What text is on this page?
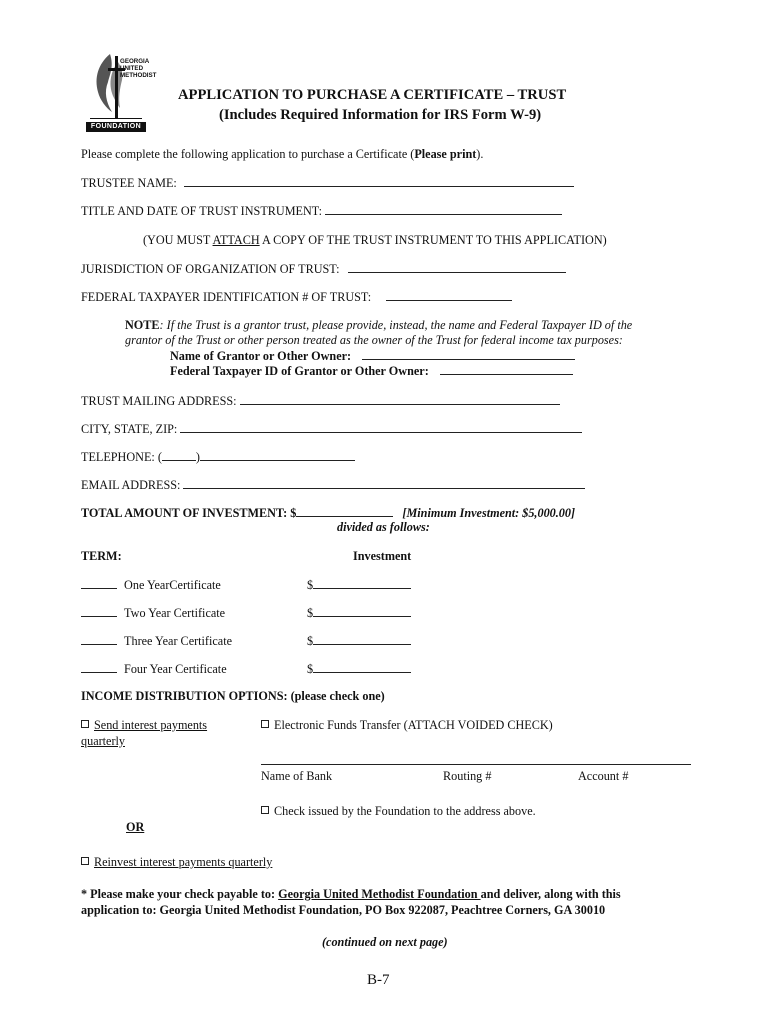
GEORGIA
UNITED
METHODIST
FOUNDATION
APPLICATION TO PURCHASE A CERTIFICATE – TRUST
(Includes Required Information for IRS Form W-9)
Please complete the following application to purchase a Certificate (Please print).
TRUSTEE NAME:
TITLE AND DATE OF TRUST INSTRUMENT:
(YOU MUST ATTACH A COPY OF THE TRUST INSTRUMENT TO THIS APPLICATION)
JURISDICTION OF ORGANIZATION OF TRUST:
FEDERAL TAXPAYER IDENTIFICATION # OF TRUST:
NOTE: If the Trust is a grantor trust, please provide, instead, the name and Federal Taxpayer ID of the
grantor of the Trust or other person treated as the owner of the Trust for federal income tax purposes:
Name of Grantor or Other Owner:
Federal Taxpayer ID of Grantor or Other Owner:
TRUST MAILING ADDRESS:
CITY, STATE, ZIP:
TELEPHONE: (	)
EMAIL ADDRESS:
TOTAL AMOUNT OF INVESTMENT: $	[Minimum Investment: $5,000.00]
divided as follows:
TERM:	Investment
One YearCertificate	$
Two Year Certificate	$
Three Year Certificate	$
Four Year Certificate	$
INCOME DISTRIBUTION OPTIONS: (please check one)
Send interest payments
quarterly
Electronic Funds Transfer (ATTACH VOIDED CHECK)
Name of Bank	Routing #	Account #
Check issued by the Foundation to the address above.
OR
Reinvest interest payments quarterly
* Please make your check payable to: Georgia United Methodist Foundation and deliver, along with this
application to: Georgia United Methodist Foundation, PO Box 922087, Peachtree Corners, GA 30010
(continued on next page)
B-7
